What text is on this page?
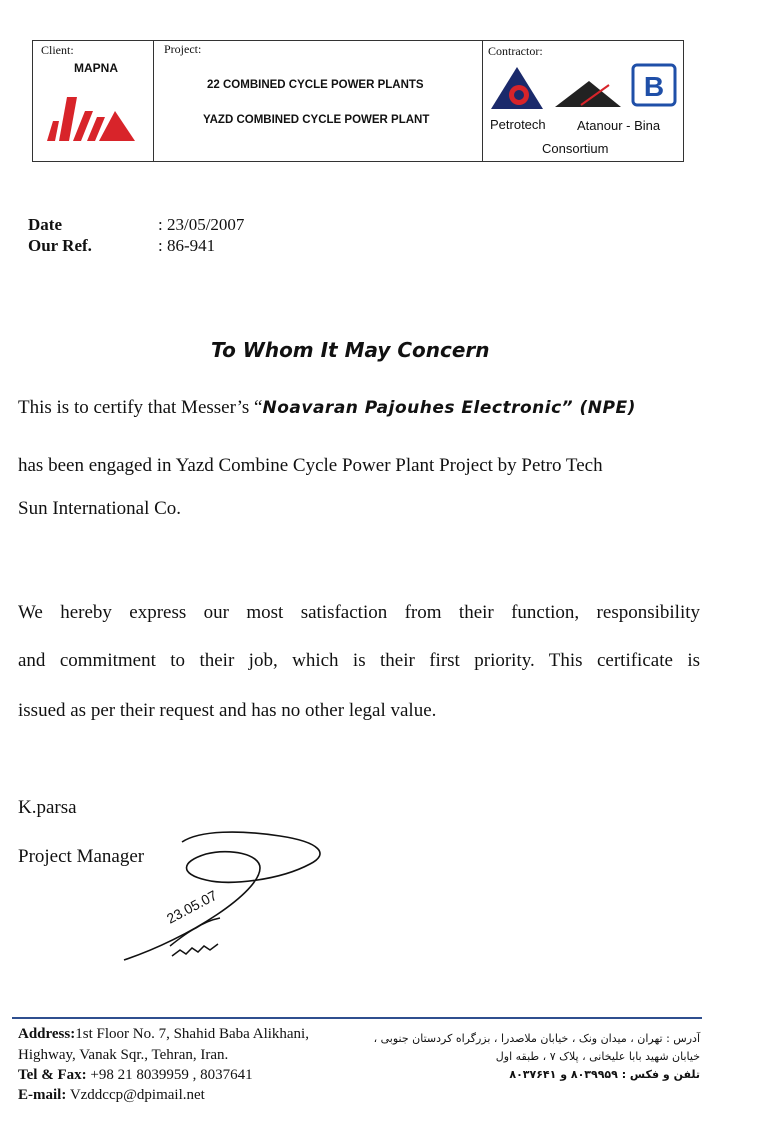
Client:
MAPNA
Project:
22 COMBINED CYCLE POWER PLANTS
YAZD COMBINED CYCLE POWER PLANT
Contractor:
B
Petrotech Atanour - Bina
Consortium
Date	: 23/05/2007
Our Ref.	: 86-941
To Whom It May Concern
This is to certify that Messer’s “Noavaran Pajouhes Electronic” (NPE)
has been engaged in Yazd Combine Cycle Power Plant Project by Petro Tech
Sun International Co.
We hereby express our most satisfaction from their function, responsibility
and commitment to their job, which is their first priority. This certificate is
issued as per their request and has no other legal value.
K.parsa
Project Manager
23.05.07
Address:1st Floor No. 7, Shahid Baba Alikhani,
Highway, Vanak Sqr., Tehran, Iran.
Tel & Fax: +98 21 8039959 , 8037641
E-mail: Vzddccp@dpimail.net
آدرس : تهران ، میدان ونک ، خیابان ملاصدرا ، بزرگراه کردستان جنوبی ،
خیابان شهید بابا علیخانی ، پلاک ۷ ، طبقه اول
تلفن و فکس : ۸۰۳۹۹۵۹ و ۸۰۳۷۶۴۱
